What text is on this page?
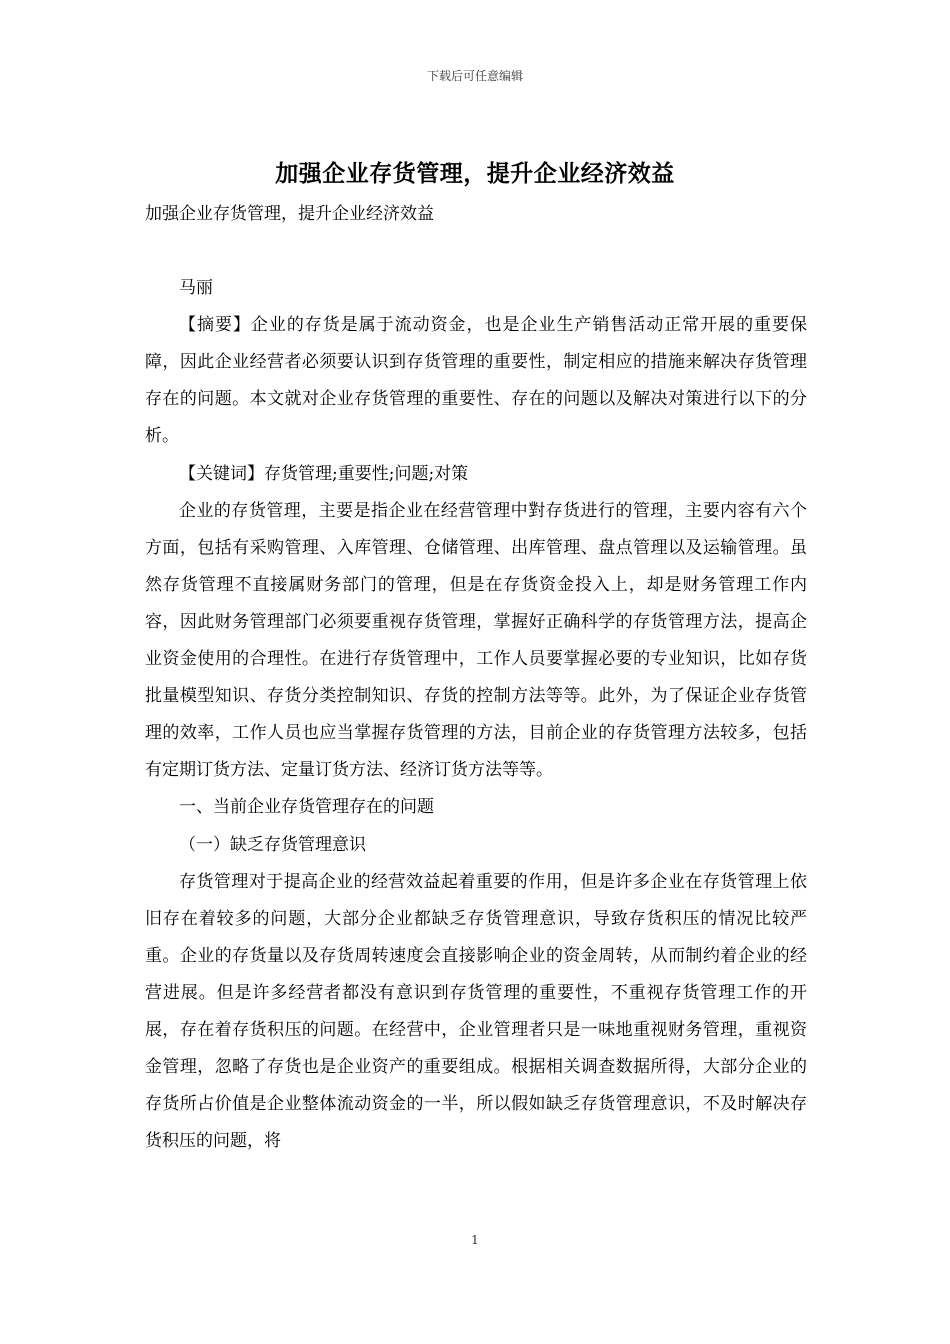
下载后可任意编辑
加强企业存货管理，提升企业经济效益

加强企业存货管理，提升企业经济效益

马丽

【摘要】企业的存货是属于流动资金，也是企业生产销售活动正常开展的重要保障，因此企业经营者必须要认识到存货管理的重要性，制定相应的措施来解决存货管理存在的问题。本文就对企业存货管理的重要性、存在的问题以及解决对策进行以下的分析。

【关键词】存货管理;重要性;问题;对策

企业的存货管理，主要是指企业在经营管理中對存货进行的管理，主要内容有六个方面，包括有采购管理、入库管理、仓储管理、出库管理、盘点管理以及运输管理。虽然存货管理不直接属财务部门的管理，但是在存货资金投入上，却是财务管理工作内容，因此财务管理部门必须要重视存货管理，掌握好正确科学的存货管理方法，提高企业资金使用的合理性。在进行存货管理中，工作人员要掌握必要的专业知识，比如存货批量模型知识、存货分类控制知识、存货的控制方法等等。此外，为了保证企业存货管理的效率，工作人员也应当掌握存货管理的方法，目前企业的存货管理方法较多，包括有定期订货方法、定量订货方法、经济订货方法等等。

一、当前企业存货管理存在的问题

（一）缺乏存货管理意识

存货管理对于提高企业的经营效益起着重要的作用，但是许多企业在存货管理上依旧存在着较多的问题，大部分企业都缺乏存货管理意识，导致存货积压的情况比较严重。企业的存货量以及存货周转速度会直接影响企业的资金周转，从而制约着企业的经营进展。但是许多经营者都没有意识到存货管理的重要性，不重视存货管理工作的开展，存在着存货积压的问题。在经营中，企业管理者只是一味地重视财务管理，重视资金管理，忽略了存货也是企业资产的重要组成。根据相关调查数据所得，大部分企业的存货所占价值是企业整体流动资金的一半，所以假如缺乏存货管理意识，不及时解决存货积压的问题，将

1
